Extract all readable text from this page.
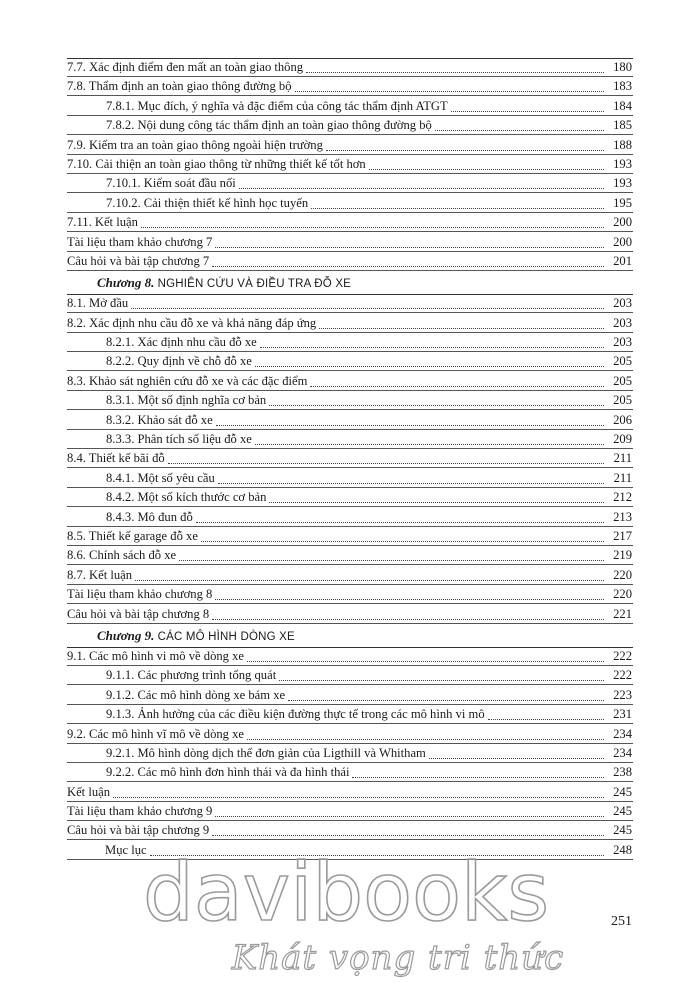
7.7. Xác định điểm đen mất an toàn giao thông	180
7.8. Thẩm định an toàn giao thông đường bộ	183
7.8.1. Mục đích, ý nghĩa và đặc điểm của công tác thẩm định ATGT	184
7.8.2. Nội dung công tác thẩm định an toàn giao thông đường bộ	185
7.9. Kiểm tra an toàn giao thông ngoài hiện trường	188
7.10. Cải thiện an toàn giao thông từ những thiết kế tốt hơn	193
7.10.1. Kiểm soát đầu nối	193
7.10.2. Cải thiện thiết kế hình học tuyến	195
7.11. Kết luận	200
Tài liệu tham khảo chương 7	200
Câu hỏi và bài tập chương 7	201
Chương 8. NGHIÊN CỨU VÀ ĐIỀU TRA ĐỖ XE
8.1. Mở đầu	203
8.2. Xác định nhu cầu đỗ xe và khả năng đáp ứng	203
8.2.1. Xác định nhu cầu đỗ xe	203
8.2.2. Quy định về chỗ đỗ xe	205
8.3. Khảo sát nghiên cứu đỗ xe và các đặc điểm	205
8.3.1. Một số định nghĩa cơ bản	205
8.3.2. Khảo sát đỗ xe	206
8.3.3. Phân tích số liệu đỗ xe	209
8.4. Thiết kế bãi đỗ	211
8.4.1. Một số yêu cầu	211
8.4.2. Một số kích thước cơ bản	212
8.4.3. Mô đun đỗ	213
8.5. Thiết kế garage đỗ xe	217
8.6. Chính sách đỗ xe	219
8.7. Kết luận	220
Tài liệu tham khảo chương 8	220
Câu hỏi và bài tập chương 8	221
Chương 9. CÁC MÔ HÌNH DÒNG XE
9.1. Các mô hình vi mô về dòng xe	222
9.1.1. Các phương trình tổng quát	222
9.1.2. Các mô hình dòng xe bám xe	223
9.1.3. Ảnh hưởng của các điều kiện đường thực tế trong các mô hình vi mô	231
9.2. Các mô hình vĩ mô về dòng xe	234
9.2.1. Mô hình dòng dịch thể đơn giản của Ligthill và Whitham	234
9.2.2. Các mô hình đơn hình thái và đa hình thái	238
Kết luận	245
Tài liệu tham khảo chương 9	245
Câu hỏi và bài tập chương 9	245
Mục lục	248
251
davibooks
Khát vọng tri thức
